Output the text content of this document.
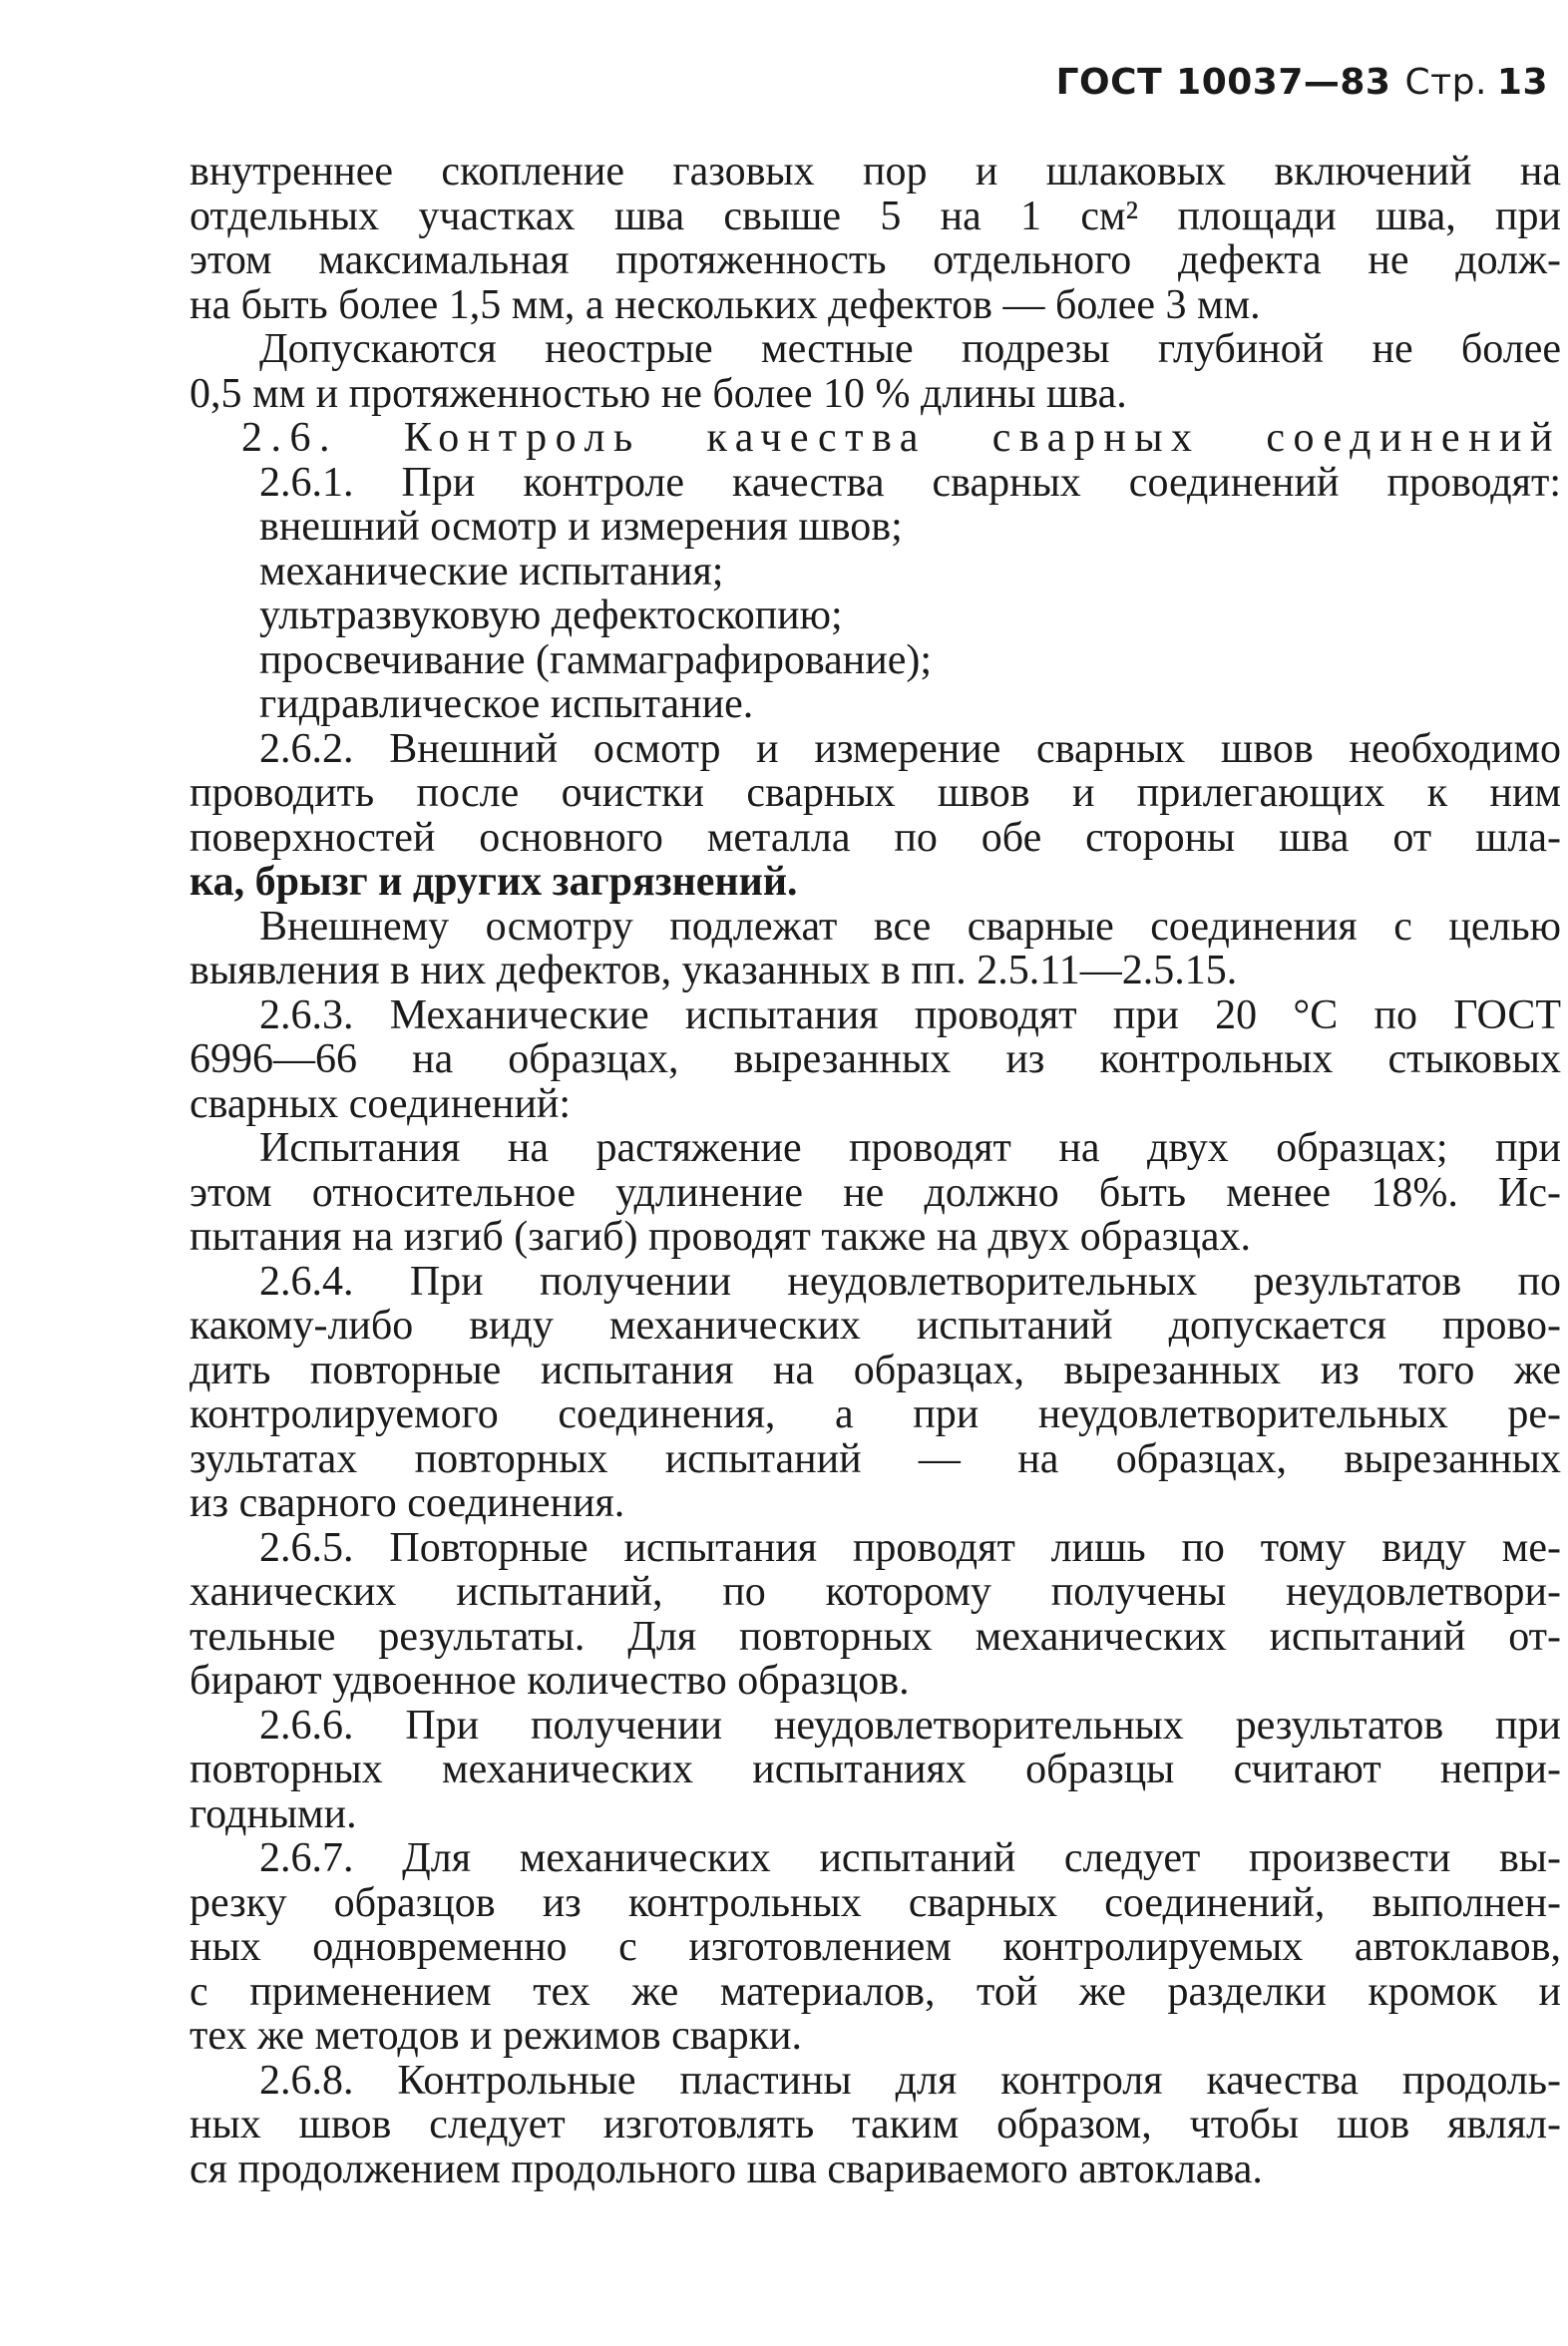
ГОСТ 10037—83 Стр. 13
внутреннее скопление газовых пор и шлаковых включений на
отдельных участках шва свыше 5 на 1 см² площади шва, при
этом максимальная протяженность отдельного дефекта не долж-
на быть более 1,5 мм, а нескольких дефектов — более 3 мм.
Допускаются неострые местные подрезы глубиной не более
0,5 мм и протяженностью не более 10 % длины шва.
2.6. Контроль качества сварных соединений
2.6.1. При контроле качества сварных соединений проводят:
внешний осмотр и измерения швов;
механические испытания;
ультразвуковую дефектоскопию;
просвечивание (гаммаграфирование);
гидравлическое испытание.
2.6.2. Внешний осмотр и измерение сварных швов необходимо
проводить после очистки сварных швов и прилегающих к ним
поверхностей основного металла по обе стороны шва от шла-
ка, брызг и других загрязнений.
Внешнему осмотру подлежат все сварные соединения с целью
выявления в них дефектов, указанных в пп. 2.5.11—2.5.15.
2.6.3. Механические испытания проводят при 20 °С по ГОСТ
6996—66 на образцах, вырезанных из контрольных стыковых
сварных соединений:
Испытания на растяжение проводят на двух образцах; при
этом относительное удлинение не должно быть менее 18%. Ис-
пытания на изгиб (загиб) проводят также на двух образцах.
2.6.4. При получении неудовлетворительных результатов по
какому-либо виду механических испытаний допускается прово-
дить повторные испытания на образцах, вырезанных из того же
контролируемого соединения, а при неудовлетворительных ре-
зультатах повторных испытаний — на образцах, вырезанных
из сварного соединения.
2.6.5. Повторные испытания проводят лишь по тому виду ме-
ханических испытаний, по которому получены неудовлетвори-
тельные результаты. Для повторных механических испытаний от-
бирают удвоенное количество образцов.
2.6.6. При получении неудовлетворительных результатов при
повторных механических испытаниях образцы считают непри-
годными.
2.6.7. Для механических испытаний следует произвести вы-
резку образцов из контрольных сварных соединений, выполнен-
ных одновременно с изготовлением контролируемых автоклавов,
с применением тех же материалов, той же разделки кромок и
тех же методов и режимов сварки.
2.6.8. Контрольные пластины для контроля качества продоль-
ных швов следует изготовлять таким образом, чтобы шов являл-
ся продолжением продольного шва свариваемого автоклава.
